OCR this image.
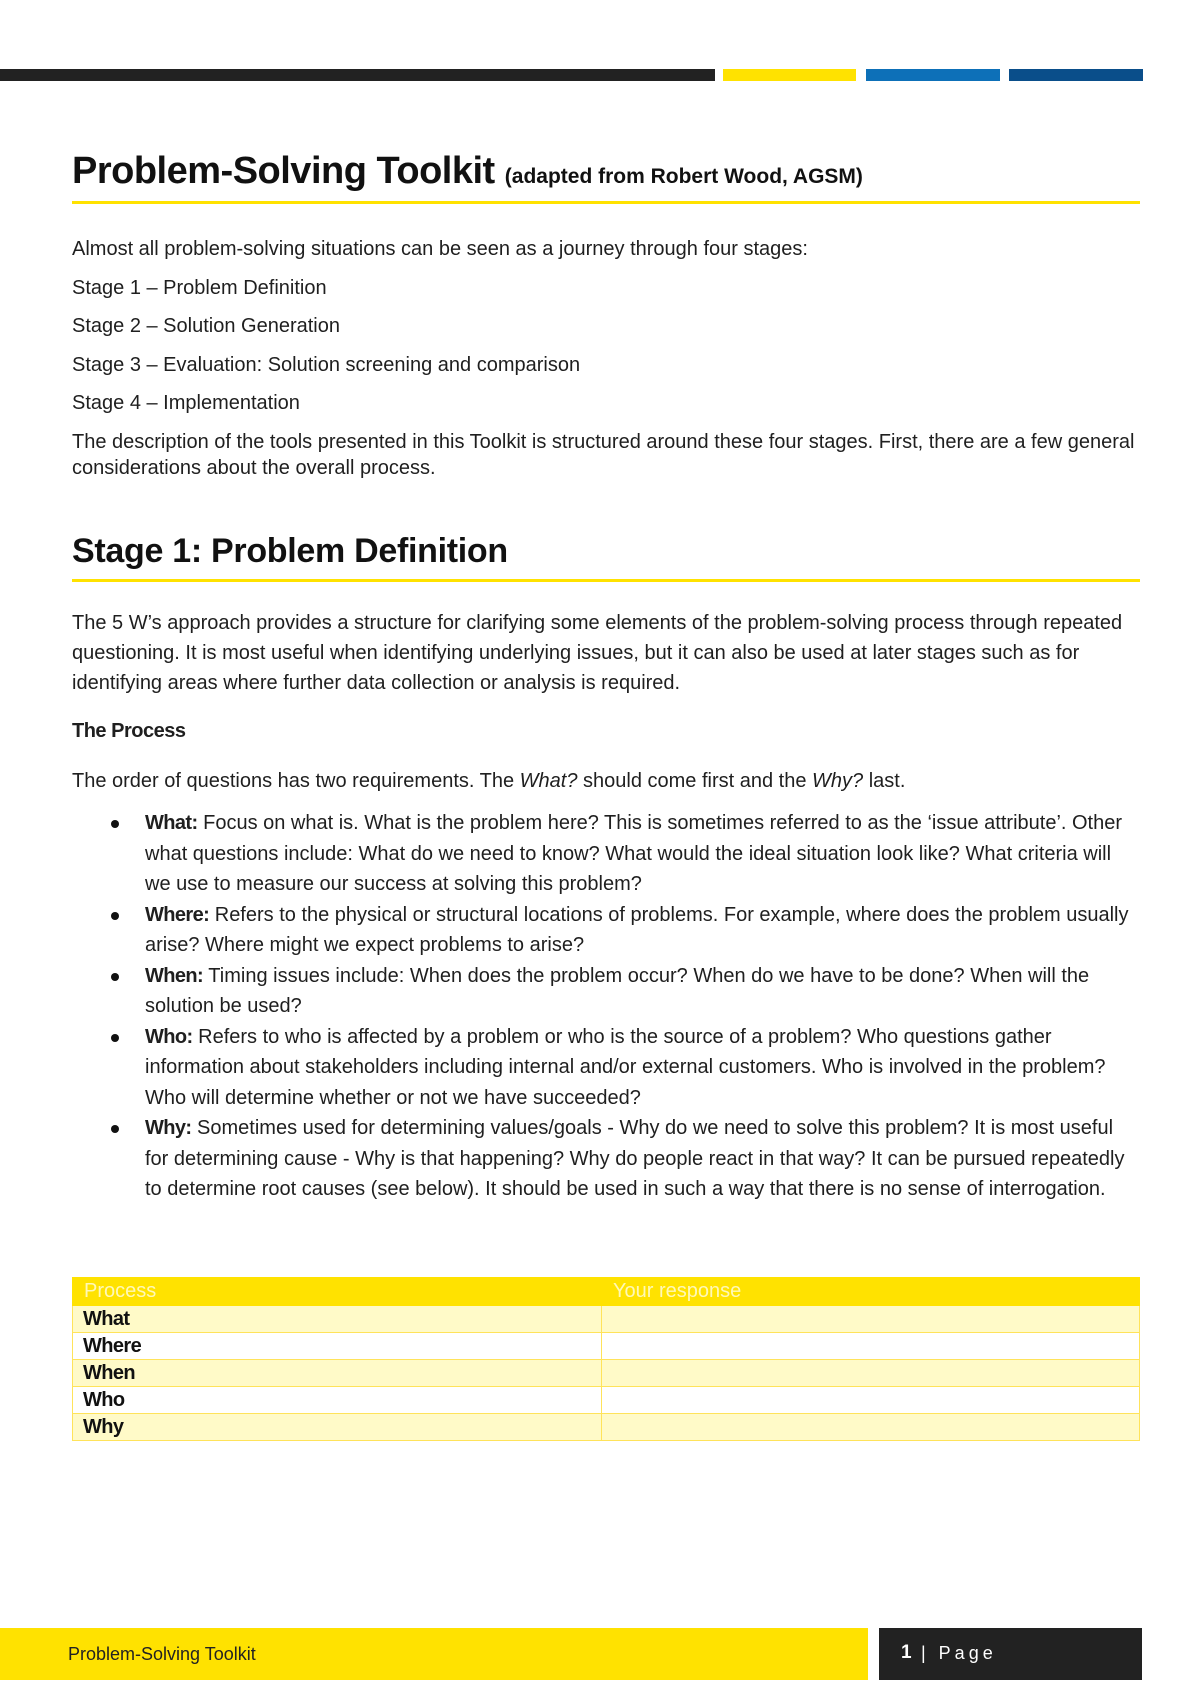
Problem-Solving Toolkit (adapted from Robert Wood, AGSM)

Almost all problem-solving situations can be seen as a journey through four stages:

Stage 1 – Problem Definition

Stage 2 – Solution Generation

Stage 3 – Evaluation: Solution screening and comparison

Stage 4 – Implementation

The description of the tools presented in this Toolkit is structured around these four stages. First, there are a few general considerations about the overall process.

Stage 1: Problem Definition

The 5 W’s approach provides a structure for clarifying some elements of the problem-solving process through repeated questioning. It is most useful when identifying underlying issues, but it can also be used at later stages such as for identifying areas where further data collection or analysis is required.

The Process

The order of questions has two requirements. The What? should come first and the Why? last.

What: Focus on what is. What is the problem here? This is sometimes referred to as the ‘issue attribute’. Other what questions include: What do we need to know? What would the ideal situation look like? What criteria will we use to measure our success at solving this problem?
Where: Refers to the physical or structural locations of problems. For example, where does the problem usually arise? Where might we expect problems to arise?
When: Timing issues include: When does the problem occur? When do we have to be done? When will the solution be used?
Who: Refers to who is affected by a problem or who is the source of a problem? Who questions gather information about stakeholders including internal and/or external customers. Who is involved in the problem? Who will determine whether or not we have succeeded?
Why: Sometimes used for determining values/goals - Why do we need to solve this problem? It is most useful for determining cause - Why is that happening? Why do people react in that way? It can be pursued repeatedly to determine root causes (see below). It should be used in such a way that there is no sense of interrogation.
Process	Your response
What	
Where	
When	
Who	
Why	
Problem-Solving Toolkit	1 | Page
